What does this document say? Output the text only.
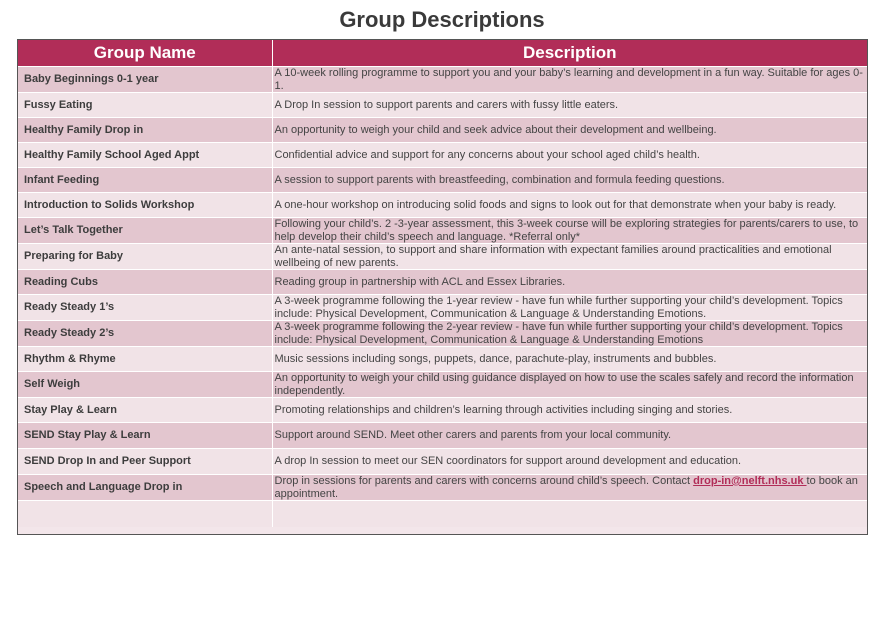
Group Descriptions
Group Name	Description
Baby Beginnings 0-1 year	A 10-week rolling programme to support you and your baby’s learning and development in a fun way. Suitable for ages 0-1.
Fussy Eating	A Drop In session to support parents and carers with fussy little eaters.
Healthy Family Drop in	An opportunity to weigh your child and seek advice about their development and wellbeing.
Healthy Family School Aged Appt	Confidential advice and support for any concerns about your school aged child’s health.
Infant Feeding	A session to support parents with breastfeeding, combination and formula feeding questions.
Introduction to Solids Workshop	A one-hour workshop on introducing solid foods and signs to look out for that demonstrate when your baby is ready.
Let’s Talk Together	Following your child’s. 2 -3-year assessment, this 3-week course will be exploring strategies for parents/carers to use, to help develop their child’s speech and language. *Referral only*
Preparing for Baby	An ante-natal session, to support and share information with expectant families around practicalities and emotional wellbeing of new parents.
Reading Cubs	Reading group in partnership with ACL and Essex Libraries.
Ready Steady 1’s	A 3-week programme following the 1-year review - have fun while further supporting your child’s development. Topics include: Physical Development, Communication & Language & Understanding Emotions.
Ready Steady 2’s	A 3-week programme following the 2-year review - have fun while further supporting your child’s development. Topics include: Physical Development, Communication & Language & Understanding Emotions
Rhythm & Rhyme	Music sessions including songs, puppets, dance, parachute-play, instruments and bubbles.
Self Weigh	An opportunity to weigh your child using guidance displayed on how to use the scales safely and record the information independently.
Stay Play & Learn	Promoting relationships and children’s learning through activities including singing and stories.
SEND Stay Play & Learn	Support around SEND. Meet other carers and parents from your local community.
SEND Drop In and Peer Support	A drop In session to meet our SEN coordinators for support around development and education.
Speech and Language Drop in	Drop in sessions for parents and carers with concerns around child’s speech. Contact drop-in@nelft.nhs.uk to book an appointment.
